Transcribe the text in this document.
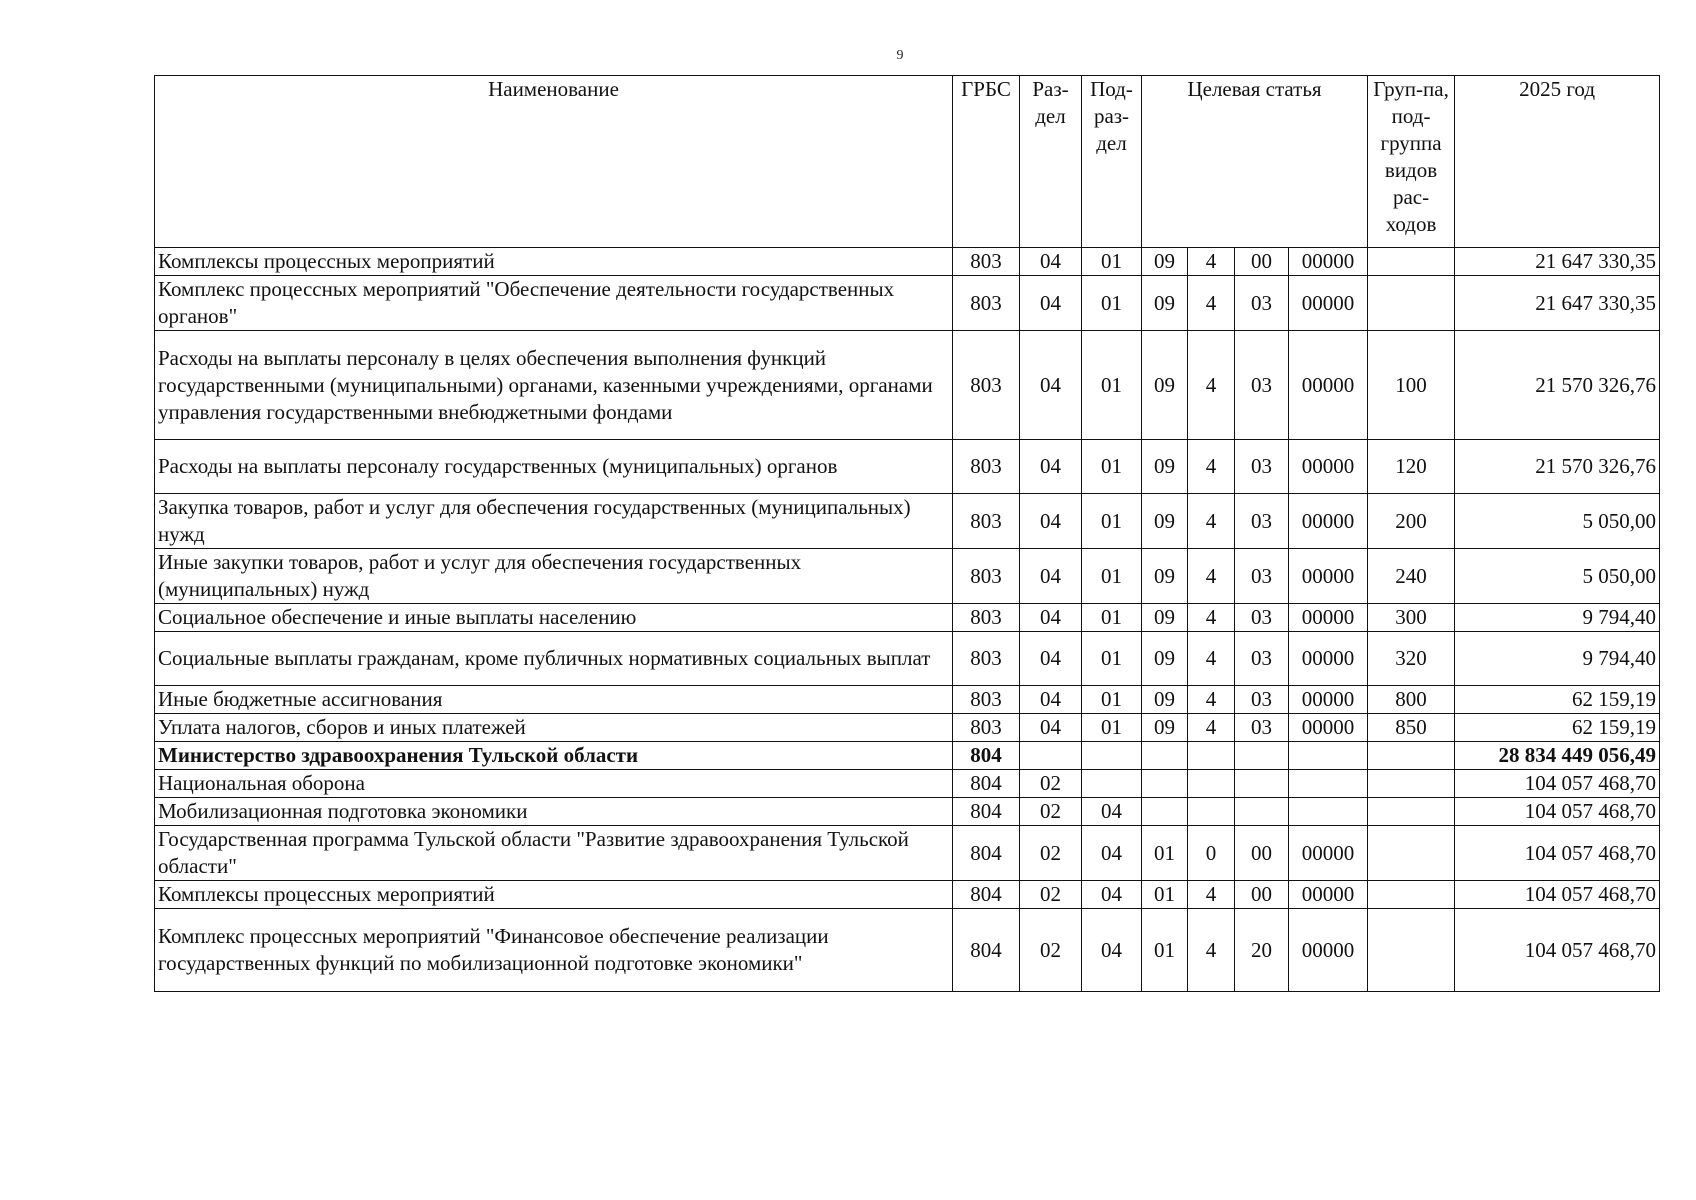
9
Наименование	ГРБС	Раз-дел	Под-раз-дел	Целевая статья				Груп-па, под-группа видов рас-ходов	2025 год
Комплексы процессных мероприятий	803	04	01	09	4	00	00000		21 647 330,35
Комплекс процессных мероприятий "Обеспечение деятельности государственных органов"	803	04	01	09	4	03	00000		21 647 330,35
Расходы на выплаты персоналу в целях обеспечения выполнения функций государственными (муниципальными) органами, казенными учреждениями, органами управления государственными внебюджетными фондами	803	04	01	09	4	03	00000	100	21 570 326,76
Расходы на выплаты персоналу государственных (муниципальных) органов	803	04	01	09	4	03	00000	120	21 570 326,76
Закупка товаров, работ и услуг для обеспечения государственных (муниципальных) нужд	803	04	01	09	4	03	00000	200	5 050,00
Иные закупки товаров, работ и услуг для обеспечения государственных (муниципальных) нужд	803	04	01	09	4	03	00000	240	5 050,00
Социальное обеспечение и иные выплаты населению	803	04	01	09	4	03	00000	300	9 794,40
Социальные выплаты гражданам, кроме публичных нормативных социальных выплат	803	04	01	09	4	03	00000	320	9 794,40
Иные бюджетные ассигнования	803	04	01	09	4	03	00000	800	62 159,19
Уплата налогов, сборов и иных платежей	803	04	01	09	4	03	00000	850	62 159,19
Министерство здравоохранения Тульской области	804								28 834 449 056,49
Национальная оборона	804	02							104 057 468,70
Мобилизационная подготовка экономики	804	02	04						104 057 468,70
Государственная программа Тульской области "Развитие здравоохранения Тульской области"	804	02	04	01	0	00	00000		104 057 468,70
Комплексы процессных мероприятий	804	02	04	01	4	00	00000		104 057 468,70
Комплекс процессных мероприятий "Финансовое обеспечение реализации государственных функций по мобилизационной подготовке экономики"	804	02	04	01	4	20	00000		104 057 468,70
